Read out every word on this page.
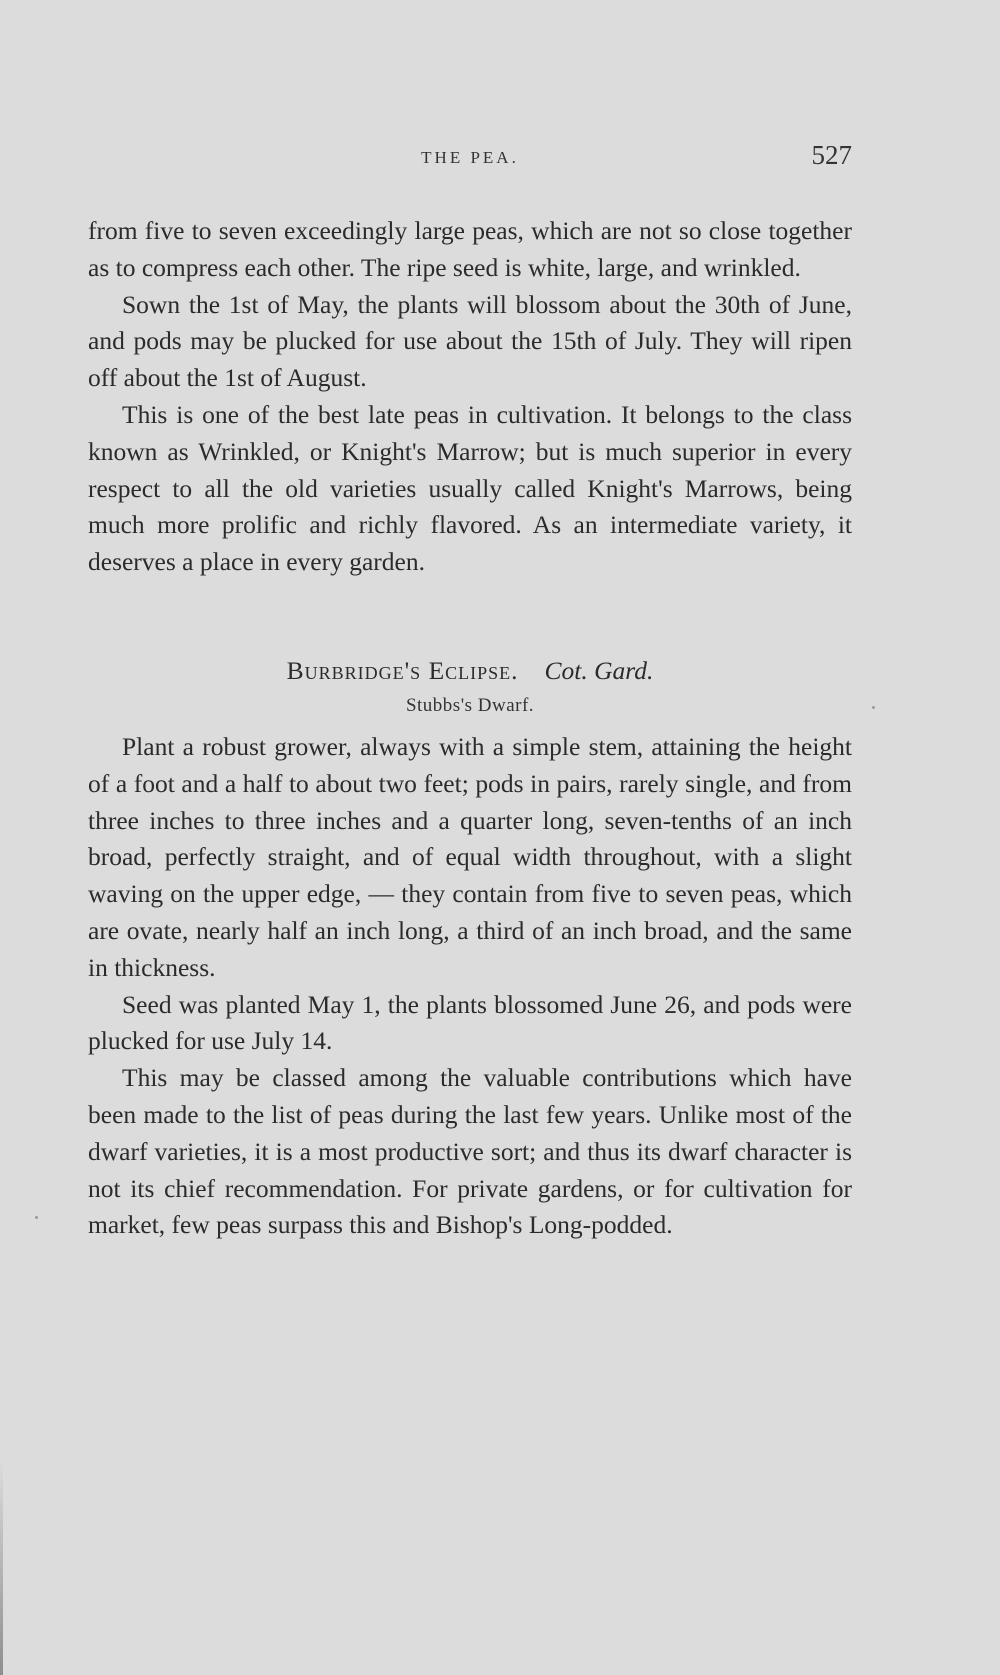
THE PEA.	527

from five to seven exceedingly large peas, which are not so close together as to compress each other. The ripe seed is white, large, and wrinkled.

Sown the 1st of May, the plants will blossom about the 30th of June, and pods may be plucked for use about the 15th of July. They will ripen off about the 1st of August.

This is one of the best late peas in cultivation. It belongs to the class known as Wrinkled, or Knight's Marrow; but is much superior in every respect to all the old varieties usually called Knight's Marrows, being much more prolific and richly flavored. As an intermediate variety, it deserves a place in every garden.

Burbridge's Eclipse. Cot. Gard.
Stubbs's Dwarf.

Plant a robust grower, always with a simple stem, attaining the height of a foot and a half to about two feet; pods in pairs, rarely single, and from three inches to three inches and a quarter long, seven-tenths of an inch broad, perfectly straight, and of equal width throughout, with a slight waving on the upper edge, — they contain from five to seven peas, which are ovate, nearly half an inch long, a third of an inch broad, and the same in thickness.

Seed was planted May 1, the plants blossomed June 26, and pods were plucked for use July 14.

This may be classed among the valuable contributions which have been made to the list of peas during the last few years. Unlike most of the dwarf varieties, it is a most productive sort; and thus its dwarf character is not its chief recommendation. For private gardens, or for cultivation for market, few peas surpass this and Bishop's Long-podded.
